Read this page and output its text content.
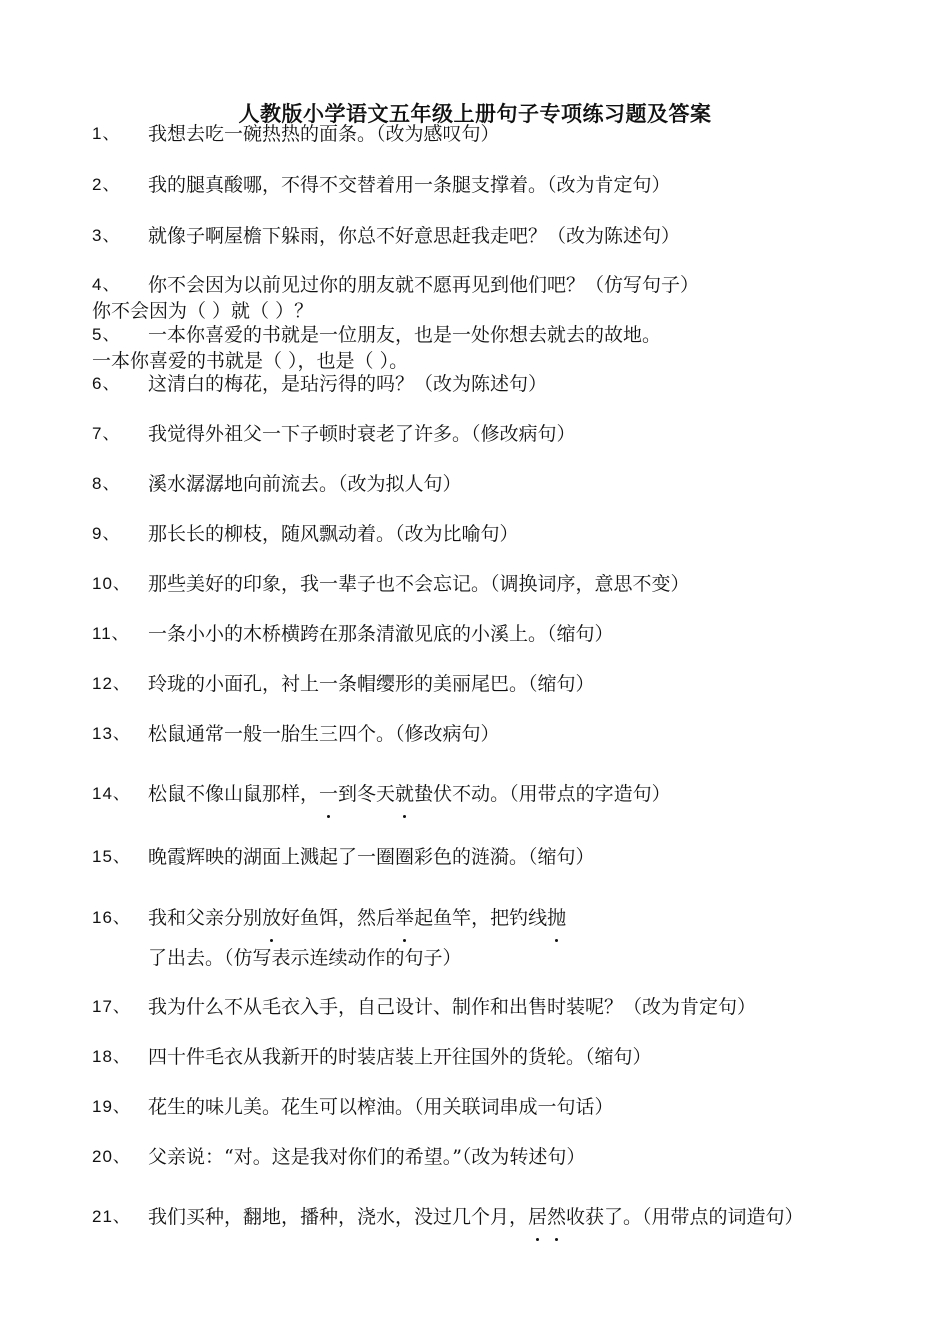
人教版小学语文五年级上册句子专项练习题及答案
1、 我想去吃一碗热热的面条。（改为感叹句）
2、 我的腿真酸哪，不得不交替着用一条腿支撑着。（改为肯定句）
3、 就像子啊屋檐下躲雨，你总不好意思赶我走吧？（改为陈述句）
4、 你不会因为以前见过你的朋友就不愿再见到他们吧？（仿写句子）
你不会因为（ ）就（ ）？
5、 一本你喜爱的书就是一位朋友，也是一处你想去就去的故地。
一本你喜爱的书就是（ ），也是（ ）。
6、 这清白的梅花，是玷污得的吗？（改为陈述句）
7、 我觉得外祖父一下子顿时衰老了许多。（修改病句）
8、 溪水潺潺地向前流去。（改为拟人句）
9、 那长长的柳枝，随风飘动着。（改为比喻句）
10、 那些美好的印象，我一辈子也不会忘记。（调换词序，意思不变）
11、 一条小小的木桥横跨在那条清澈见底的小溪上。（缩句）
12、 玲珑的小面孔，衬上一条帽缨形的美丽尾巴。（缩句）
13、 松鼠通常一般一胎生三四个。（修改病句）
14、 松鼠不像山鼠那样，一到冬天就蛰伏不动。（用带点的字造句）
15、 晚霞辉映的湖面上溅起了一圈圈彩色的涟漪。（缩句）
16、 我和父亲分别放好鱼饵，然后举起鱼竿，把钓线抛了出去。（仿写表示连续动作的句子）
17、 我为什么不从毛衣入手，自己设计、制作和出售时装呢？（改为肯定句）
18、 四十件毛衣从我新开的时装店装上开往国外的货轮。（缩句）
19、 花生的味儿美。花生可以榨油。（用关联词串成一句话）
20、 父亲说：“对。这是我对你们的希望。”（改为转述句）
21、 我们买种，翻地，播种，浇水，没过几个月，居然收获了。（用带点的词造句）
